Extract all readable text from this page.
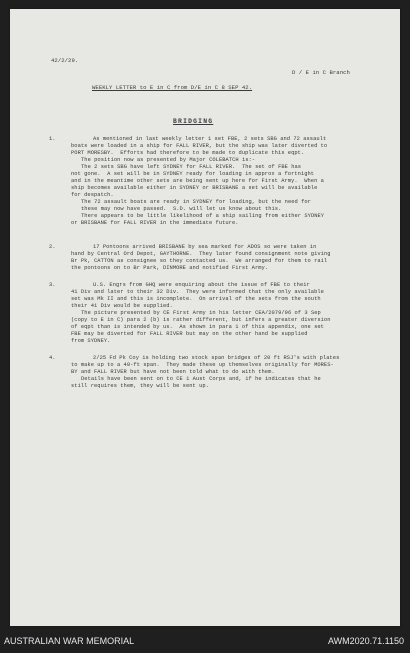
42/2/29.
D / E in C Branch
WEEKLY LETTER to E in C from D/E in C 8 SEP 42.
BRIDGING
1.	As mentioned in last weekly letter 1 set FBE, 2 sets SBG and 72 assault
boats were loaded in a ship for FALL RIVER, but the ship was later diverted to
PORT MORESBY.  Efforts had therefore to be made to duplicate this eqpt.
The position now as presented by Major COLEBATCH is:-
The 2 sets SBG have left SYDNEY for FALL RIVER.  The set of FBE has
not gone.  A set will be in SYDNEY ready for loading in approx a fortnight
and in the meantime other sets are being sent up here for First Army.  When a
ship becomes available either in SYDNEY or BRISBANE a set will be available
for despatch.
The 72 assault boats are ready in SYDNEY for loading, but the need for
these may now have passed.  S.D. will let us know about this.
There appears to be little likelihood of a ship sailing from either SYDNEY
or BRISBANE for FALL RIVER in the immediate future.
2.	17 Pontoons arrived BRISBANE by sea marked for ADOS so were taken in
hand by Central Ord Depot, GAYTHORNE.  They later found consignment note giving
Br Pk, CATTON as consignee so they contacted us.  We arranged for them to rail
the pontoons on to Br Park, DINMORE and notified First Army.
3.	U.S. Engrs from GHQ were enquiring about the issue of FBE to their
41 Div and later to their 32 Div.  They were informed that the only available
set was Mk II and this is incomplete.  On arrival of the sets from the south
their 41 Div would be supplied.
The picture presented by CE First Army in his letter CEA/2079/96 of 3 Sep
(copy to E in C) para 2 (b) is rather different, but infers a greater diversion
of eqpt than is intended by us.  As shown in para 1 of this appendix, one set
FBE may be diverted for FALL RIVER but may on the other hand be supplied
from SYDNEY.
4.	2/25 Fd Pk Coy is holding two stock span bridges of 20 ft RSJ's with plates
to make up to a 40-ft span.  They made these up themselves originally for MORES-
BY and FALL RIVER but have not been told what to do with them.
Details have been sent on to CE 1 Aust Corps and, if he indicates that he
still requires them, they will be sent up.
AUSTRALIAN WAR MEMORIAL	AWM2020.71.1150
